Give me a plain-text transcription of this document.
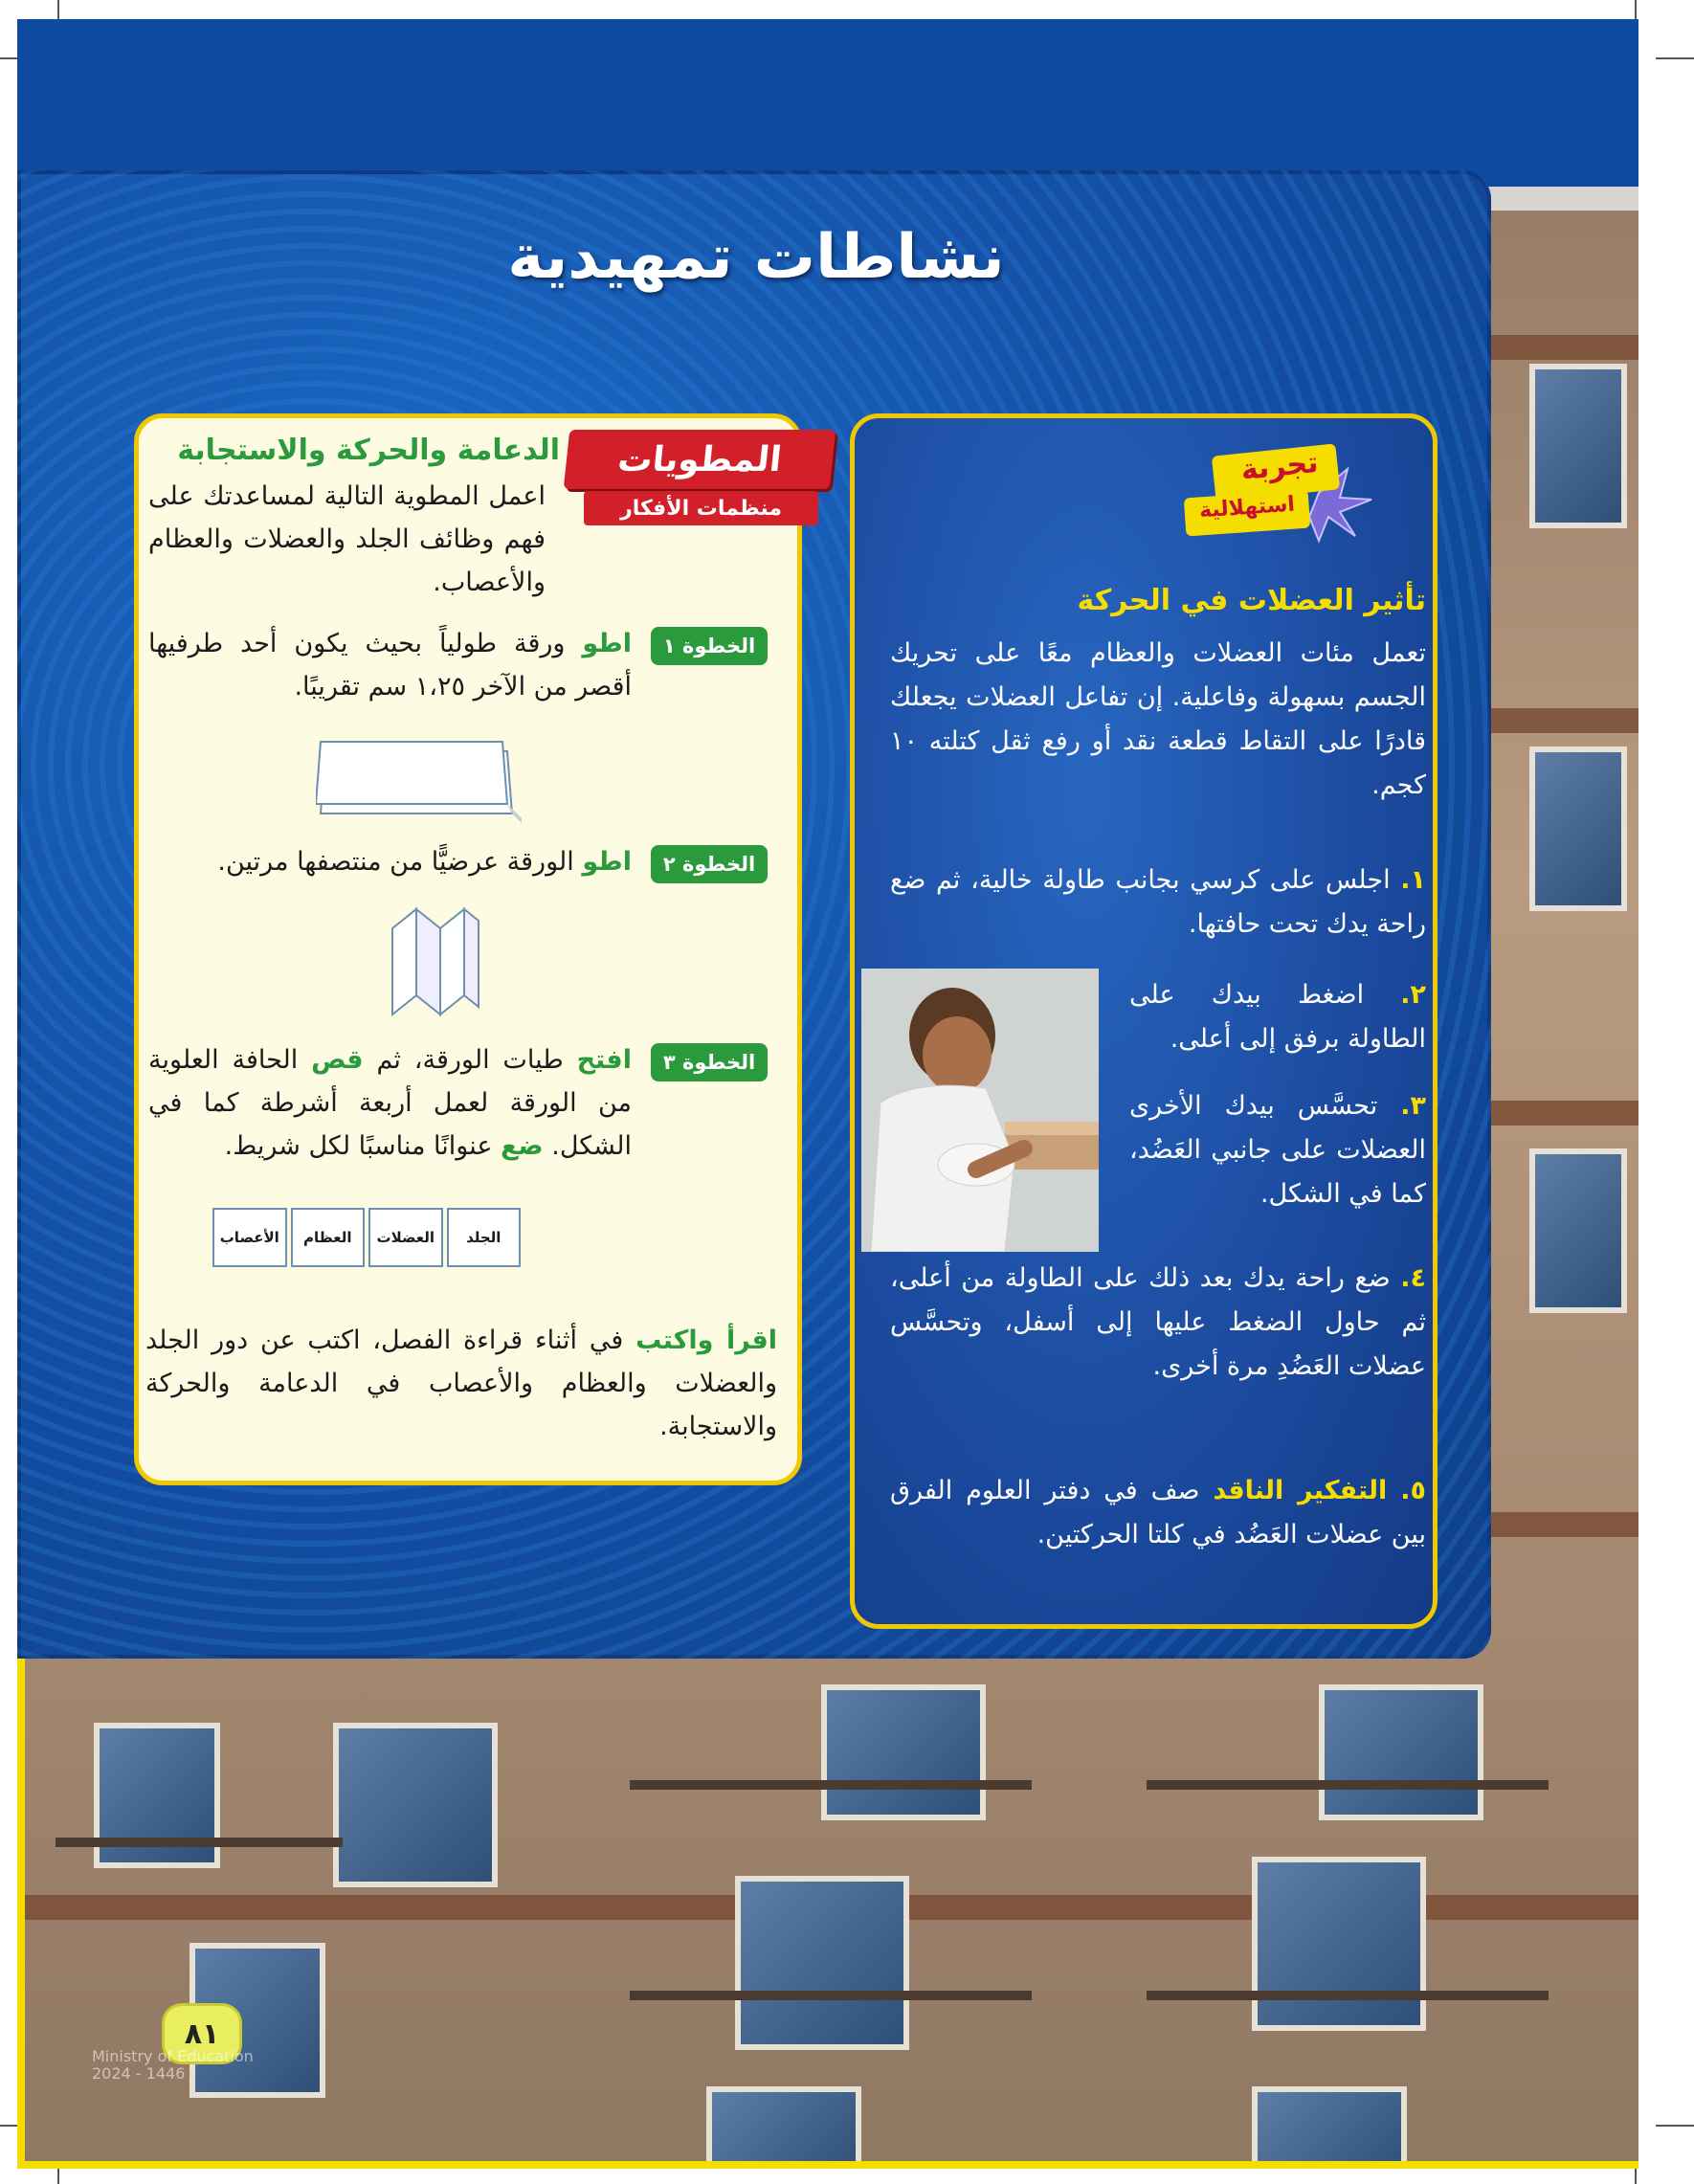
نشاطات تمهيدية
المطويات
منظمات الأفكار
الدعامة والحركة والاستجابة
اعمل المطوية التالية لمساعدتك على فهم وظائف الجلد والعضلات والعظام والأعصاب.
الخطوة ١
اطو ورقة طولياً بحيث يكون أحد طرفيها أقصر من الآخر ١،٢٥ سم تقريبًا.
الخطوة ٢
اطو الورقة عرضيًّا من منتصفها مرتين.
الخطوة ٣
افتح طيات الورقة، ثم قص الحافة العلوية من الورقة لعمل أربعة أشرطة كما في الشكل. ضع عنوانًا مناسبًا لكل شريط.
الجلد
العضلات
العظام
الأعصاب
اقرأ واكتب في أثناء قراءة الفصل، اكتب عن دور الجلد والعضلات والعظام والأعصاب في الدعامة والحركة والاستجابة.
تجربة
استهلالية
تأثير العضلات في الحركة
تعمل مئات العضلات والعظام معًا على تحريك الجسم بسهولة وفاعلية. إن تفاعل العضلات يجعلك قادرًا على التقاط قطعة نقد أو رفع ثقل كتلته ١٠ كجم.
١. اجلس على كرسي بجانب طاولة خالية، ثم ضع راحة يدك تحت حافتها.
٢. اضغط بيدك على الطاولة برفق إلى أعلى.
٣. تحسَّس بيدك الأخرى العضلات على جانبي العَضُد، كما في الشكل.
٤. ضع راحة يدك بعد ذلك على الطاولة من أعلى، ثم حاول الضغط عليها إلى أسفل، وتحسَّس عضلات العَضُدِ مرة أخرى.
٥. التفكير الناقد صف في دفتر العلوم الفرق بين عضلات العَضُد في كلتا الحركتين.
٨١
Ministry of Education
2024 - 1446
